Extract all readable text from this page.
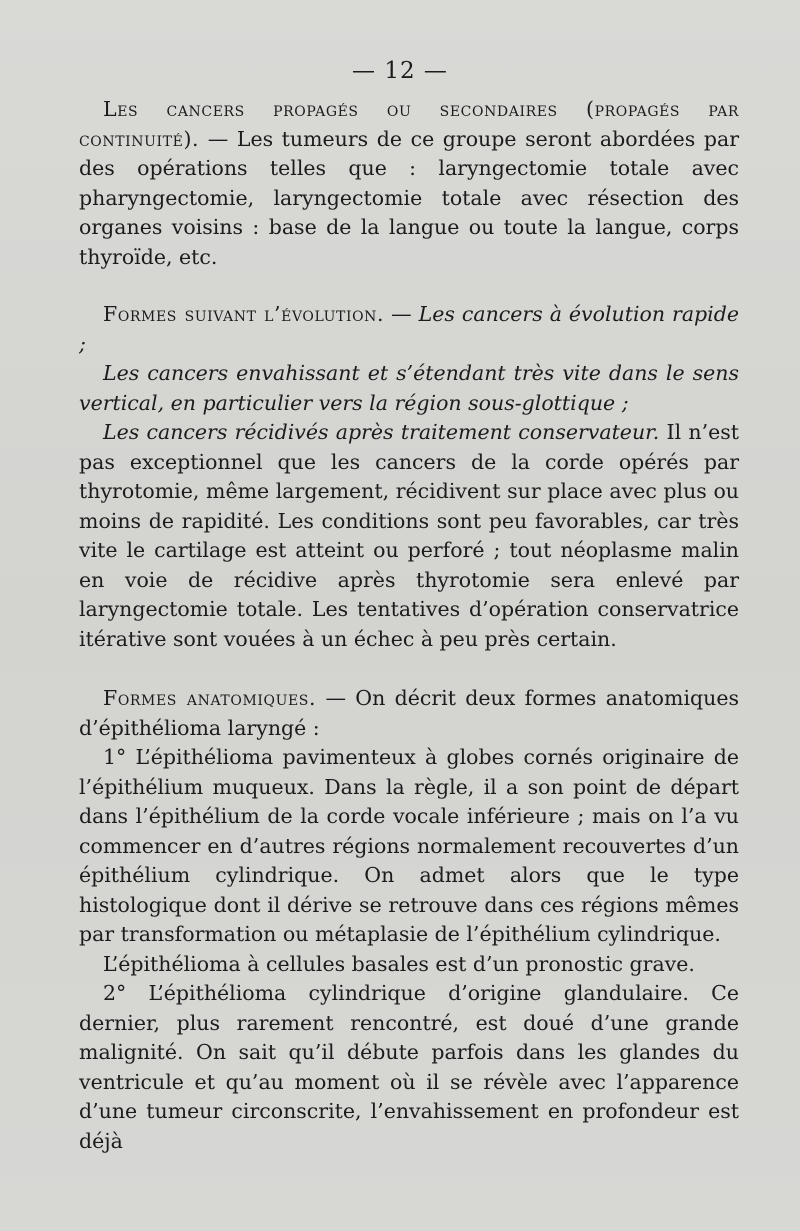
— 12 —

Les cancers propagés ou secondaires (propagés par continuité). — Les tumeurs de ce groupe seront abordées par des opérations telles que : laryngectomie totale avec pharyngectomie, laryngectomie totale avec résection des organes voisins : base de la langue ou toute la langue, corps thyroïde, etc.

Formes suivant l’évolution. — Les cancers à évolution rapide ;

Les cancers envahissant et s’étendant très vite dans le sens vertical, en particulier vers la région sous-glottique ;

Les cancers récidivés après traitement conservateur. Il n’est pas exceptionnel que les cancers de la corde opérés par thyrotomie, même largement, récidivent sur place avec plus ou moins de rapidité. Les conditions sont peu favorables, car très vite le cartilage est atteint ou perforé ; tout néoplasme malin en voie de récidive après thyrotomie sera enlevé par laryngectomie totale. Les tentatives d’opération conservatrice itérative sont vouées à un échec à peu près certain.

Formes anatomiques. — On décrit deux formes anatomiques d’épithélioma laryngé :

1° L’épithélioma pavimenteux à globes cornés originaire de l’épithélium muqueux. Dans la règle, il a son point de départ dans l’épithélium de la corde vocale inférieure ; mais on l’a vu commencer en d’autres régions normalement recouvertes d’un épithélium cylindrique. On admet alors que le type histologique dont il dérive se retrouve dans ces régions mêmes par transformation ou métaplasie de l’épithélium cylindrique.

L’épithélioma à cellules basales est d’un pronostic grave.

2° L’épithélioma cylindrique d’origine glandulaire. Ce dernier, plus rarement rencontré, est doué d’une grande malignité. On sait qu’il débute parfois dans les glandes du ventricule et qu’au moment où il se révèle avec l’apparence d’une tumeur circonscrite, l’envahissement en profondeur est déjà
